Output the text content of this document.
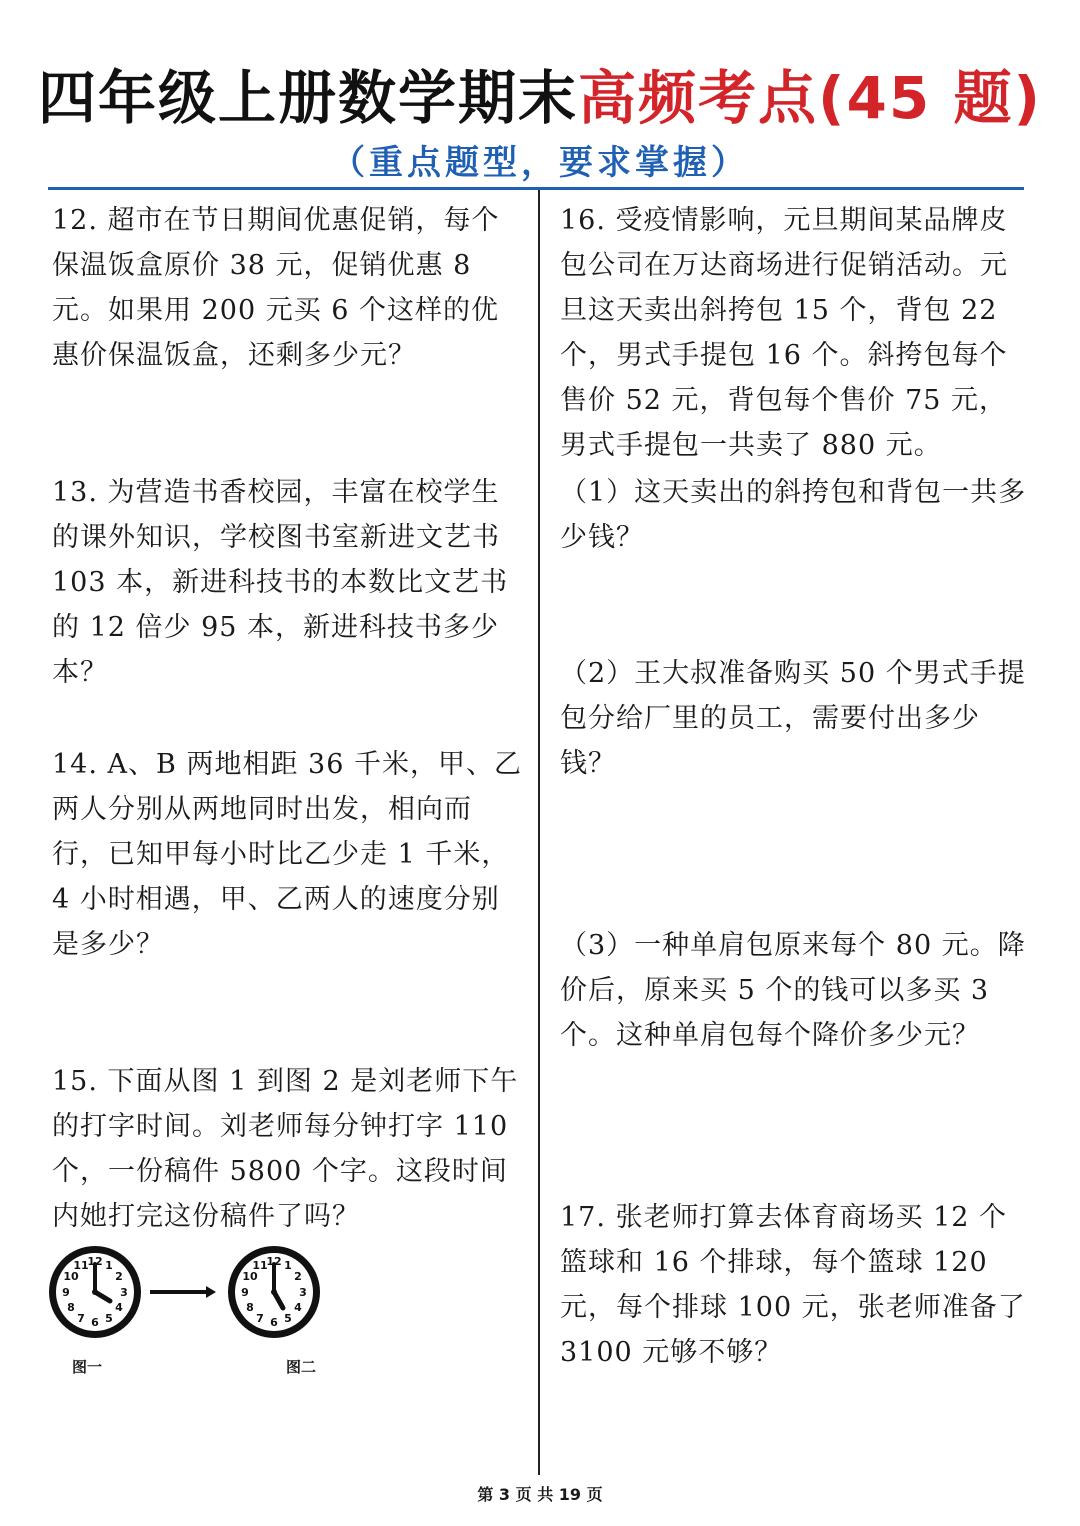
四年级上册数学期末高频考点(45 题)
（重点题型，要求掌握）

12. 超市在节日期间优惠促销，每个保温饭盒原价 38 元，促销优惠 8 元。如果用 200 元买 6 个这样的优惠价保温饭盒，还剩多少元？

13. 为营造书香校园，丰富在校学生的课外知识，学校图书室新进文艺书 103 本，新进科技书的本数比文艺书的 12 倍少 95 本，新进科技书多少本？

14. A、B 两地相距 36 千米，甲、乙两人分别从两地同时出发，相向而行，已知甲每小时比乙少走 1 千米，4 小时相遇，甲、乙两人的速度分别是多少？

15. 下面从图 1 到图 2 是刘老师下午的打字时间。刘老师每分钟打字 110 个，一份稿件 5800 个字。这段时间内她打完这份稿件了吗？

12 1
2
3
4
5
6
7
8
9
10
11	12 1
2
3
4
5
6
7
8
9
10
11
图一	图二

16. 受疫情影响，元旦期间某品牌皮包公司在万达商场进行促销活动。元旦这天卖出斜挎包 15 个，背包 22 个，男式手提包 16 个。斜挎包每个售价 52 元，背包每个售价 75 元，男式手提包一共卖了 880 元。

（1）这天卖出的斜挎包和背包一共多少钱？

（2）王大叔准备购买 50 个男式手提包分给厂里的员工，需要付出多少钱？

（3）一种单肩包原来每个 80 元。降价后，原来买 5 个的钱可以多买 3 个。这种单肩包每个降价多少元？

17. 张老师打算去体育商场买 12 个篮球和 16 个排球，每个篮球 120 元，每个排球 100 元，张老师准备了 3100 元够不够？

第 3 页 共 19 页
